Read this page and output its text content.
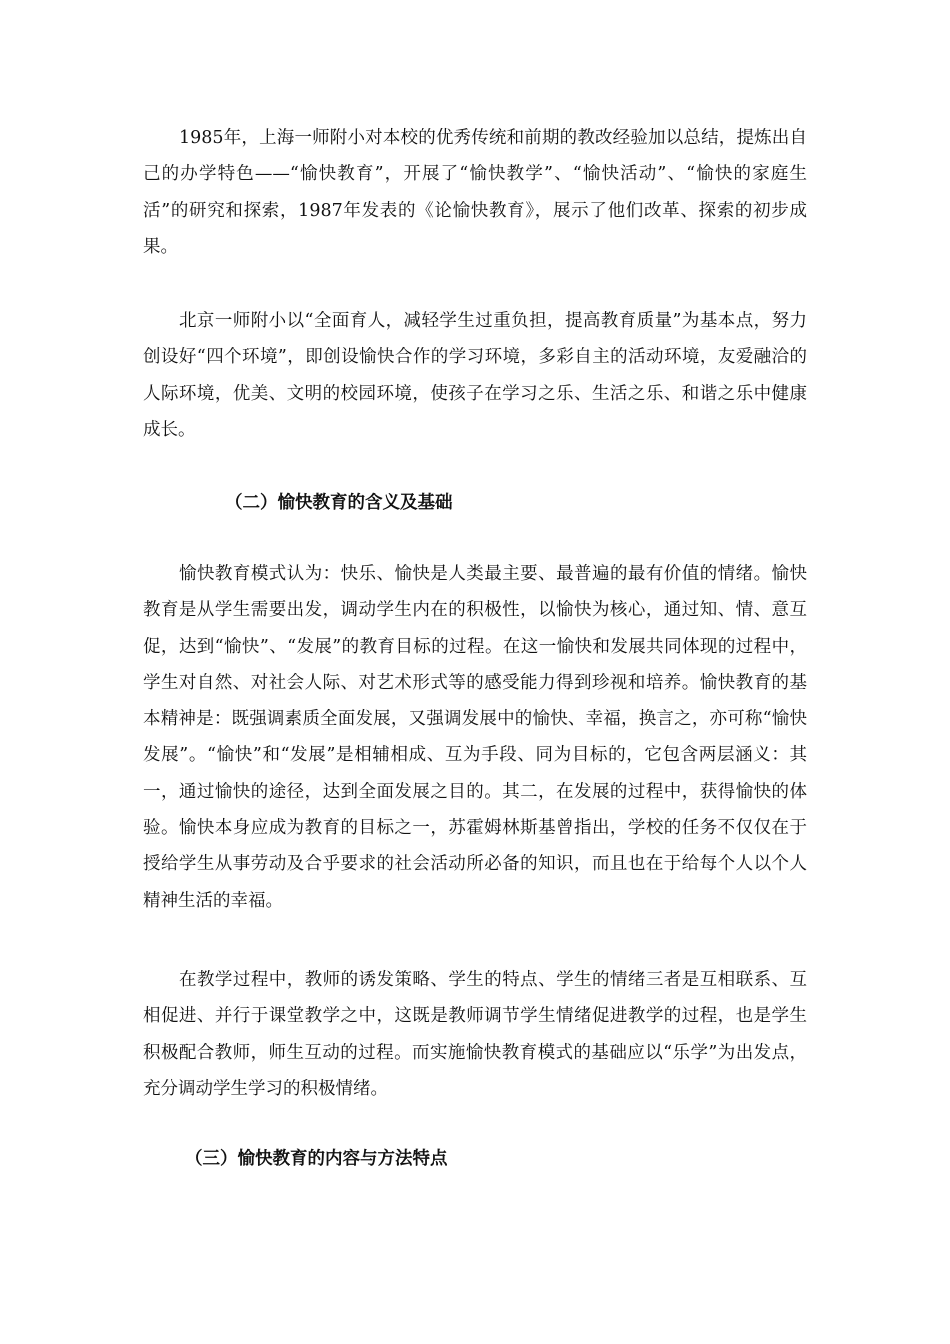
1985年，上海一师附小对本校的优秀传统和前期的教改经验加以总结，提炼出自己的办学特色——“愉快教育”，开展了“愉快教学”、“愉快活动”、“愉快的家庭生活”的研究和探索，1987年发表的《论愉快教育》，展示了他们改革、探索的初步成果。

北京一师附小以“全面育人，减轻学生过重负担，提高教育质量”为基本点，努力创设好“四个环境”，即创设愉快合作的学习环境，多彩自主的活动环境，友爱融洽的人际环境，优美、文明的校园环境，使孩子在学习之乐、生活之乐、和谐之乐中健康成长。

（二）愉快教育的含义及基础

愉快教育模式认为：快乐、愉快是人类最主要、最普遍的最有价值的情绪。愉快教育是从学生需要出发，调动学生内在的积极性，以愉快为核心，通过知、情、意互促，达到“愉快”、“发展”的教育目标的过程。在这一愉快和发展共同体现的过程中，学生对自然、对社会人际、对艺术形式等的感受能力得到珍视和培养。愉快教育的基本精神是：既强调素质全面发展，又强调发展中的愉快、幸福，换言之，亦可称“愉快发展”。“愉快”和“发展”是相辅相成、互为手段、同为目标的，它包含两层涵义：其一，通过愉快的途径，达到全面发展之目的。其二，在发展的过程中，获得愉快的体验。愉快本身应成为教育的目标之一，苏霍姆林斯基曾指出，学校的任务不仅仅在于授给学生从事劳动及合乎要求的社会活动所必备的知识，而且也在于给每个人以个人精神生活的幸福。

在教学过程中，教师的诱发策略、学生的特点、学生的情绪三者是互相联系、互相促进、并行于课堂教学之中，这既是教师调节学生情绪促进教学的过程，也是学生积极配合教师，师生互动的过程。而实施愉快教育模式的基础应以“乐学”为出发点，充分调动学生学习的积极情绪。

（三）愉快教育的内容与方法特点
